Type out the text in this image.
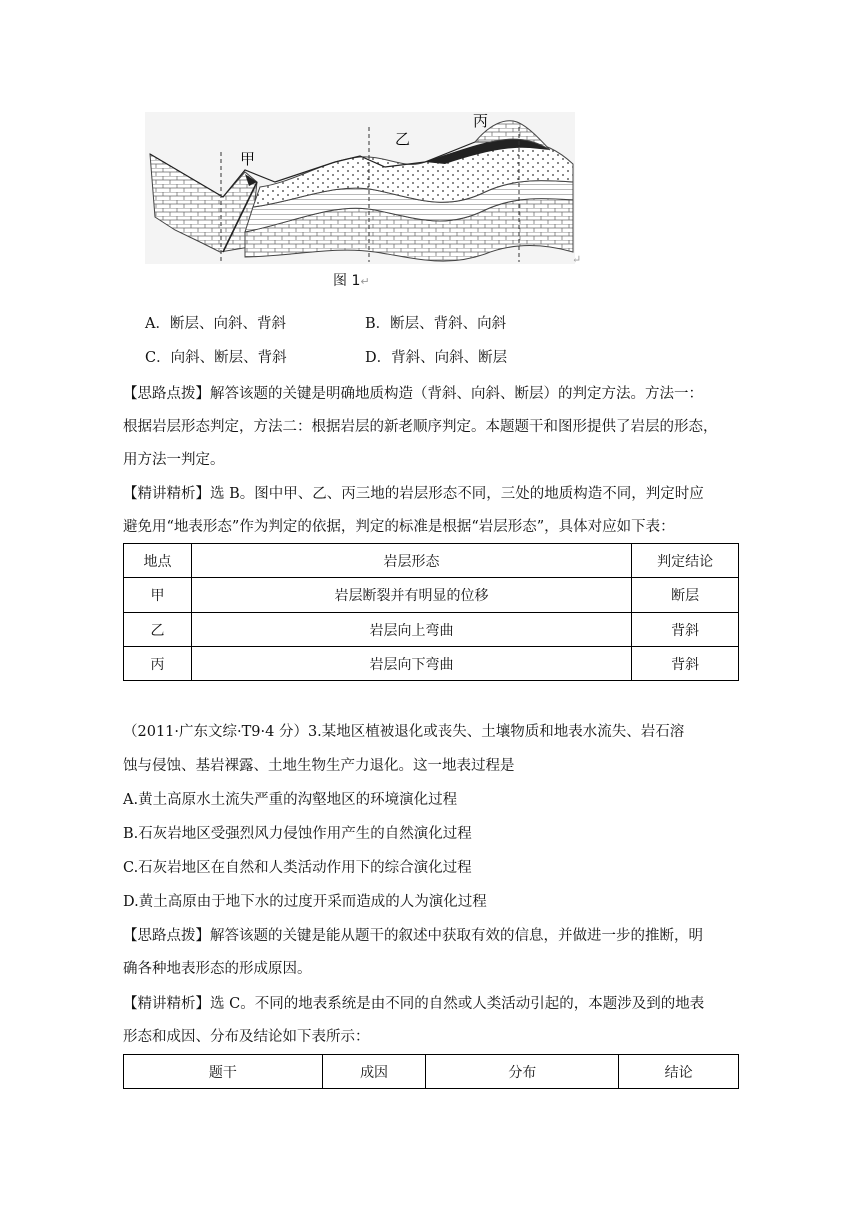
甲
乙
丙
↵
图 1↵
A．断层、向斜、背斜	B．断层、背斜、向斜
C．向斜、断层、背斜	D．背斜、向斜、断层
【思路点拨】解答该题的关键是明确地质构造（背斜、向斜、断层）的判定方法。方法一：
根据岩层形态判定，方法二：根据岩层的新老顺序判定。本题题干和图形提供了岩层的形态，
用方法一判定。
【精讲精析】选 B。图中甲、乙、丙三地的岩层形态不同，三处的地质构造不同，判定时应
避免用“地表形态”作为判定的依据，判定的标准是根据“岩层形态”，具体对应如下表：
地点	岩层形态	判定结论
甲	岩层断裂并有明显的位移	断层
乙	岩层向上弯曲	背斜
丙	岩层向下弯曲	背斜
（2011·广东文综·T9·4 分）3.某地区植被退化或丧失、土壤物质和地表水流失、岩石溶
蚀与侵蚀、基岩裸露、土地生物生产力退化。这一地表过程是
A.黄土高原水土流失严重的沟壑地区的环境演化过程
B.石灰岩地区受强烈风力侵蚀作用产生的自然演化过程
C.石灰岩地区在自然和人类活动作用下的综合演化过程
D.黄土高原由于地下水的过度开采而造成的人为演化过程
【思路点拨】解答该题的关键是能从题干的叙述中获取有效的信息，并做进一步的推断，明
确各种地表形态的形成原因。
【精讲精析】选 C。不同的地表系统是由不同的自然或人类活动引起的，本题涉及到的地表
形态和成因、分布及结论如下表所示：
题干	成因	分布	结论
